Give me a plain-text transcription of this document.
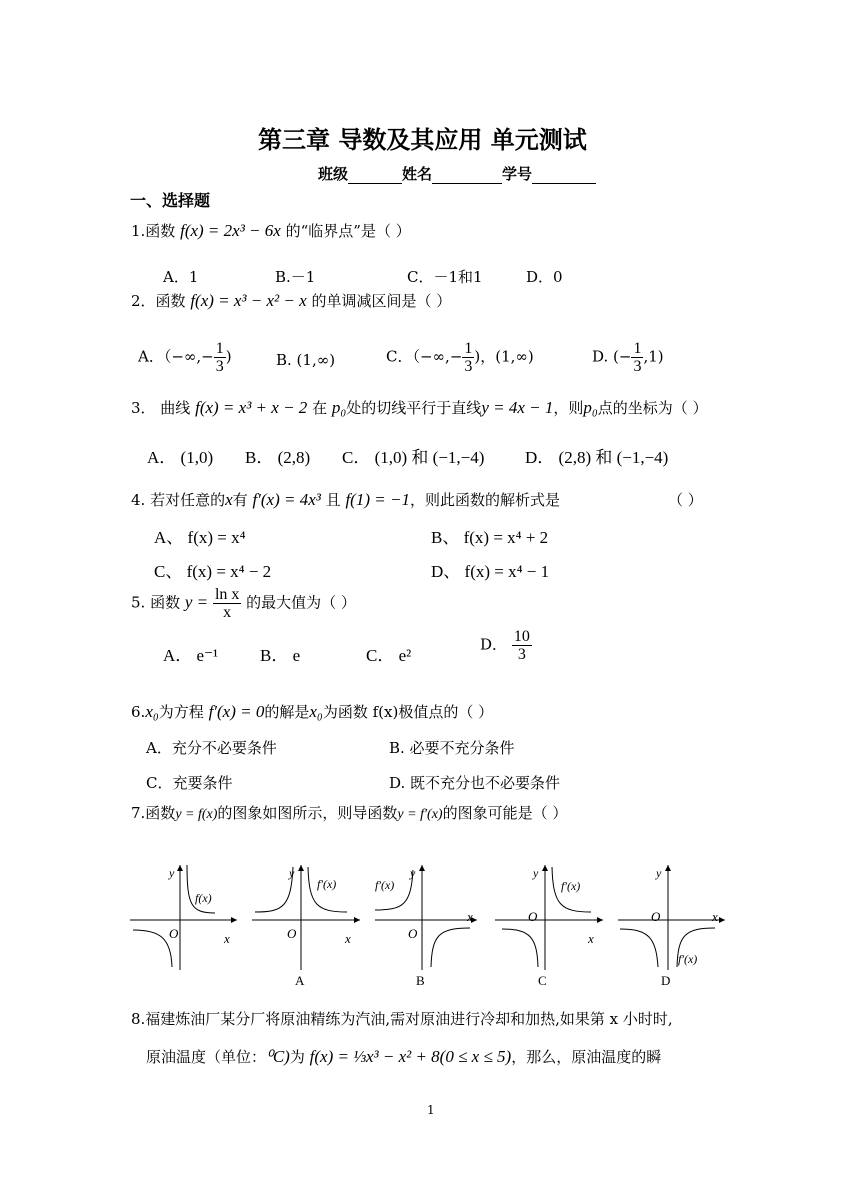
第三章 导数及其应用 单元测试
班级	姓名	学号
一、选择题
1.函数 f(x) = 2x³ − 6x 的“临界点”是（ ）
A．1	B.－1	C．－1和1	D．0
2．函数 f(x) = x³ − x² − x 的单调减区间是（ ）
A．（−∞,− $\frac{1}{3}$ )	B. (1,∞)	C．（−∞,− $\frac{1}{3}$ )，(1,∞)	D. (− $\frac{1}{3} ,1$)
3． 曲线 f(x) = x³ + x − 2 在 p₀处的切线平行于直线y = 4x − 1，则p₀点的坐标为（ ）
A． (1,0) B． (2,8) C． (1,0) 和 (−1,−4) D． (2,8) 和 (−1,−4)
4. 若对任意的x有 f′(x) = 4x³ 且 f(1) = −1，则此函数的解析式是	（ ）
A、 f(x) = x⁴	B、 f(x) = x⁴ + 2
C、 f(x) = x⁴ − 2	D、 f(x) = x⁴ − 1
5. 函数 $y = \frac{\text{ln x}}{x}$ 的最大值为（ ）
A． e⁻¹ B． e	C． e²
D． $\frac{10}{3}$
6.x₀为方程 f′(x) = 0的解是x₀为函数 f(x)极值点的（ ）
A．充分不必要条件	B. 必要不充分条件
C．充要条件	D. 既不充分也不必要条件
7.函数y = f(x)的图象如图所示，则导函数y = f′(x)的图象可能是（ ）
y
x
O
f(x)
y
x
O
f′(x)
A
y
x
O
f′(x)
B
y
x
O
f′(x)
C
y
x
O
f′(x)
D
8.福建炼油厂某分厂将原油精练为汽油,需对原油进行冷却和加热,如果第 x 小时时,
原油温度（单位：⁰C)为 f(x) = ⅓x³ − x² + 8(0 ≤ x ≤ 5)，那么，原油温度的瞬
1
